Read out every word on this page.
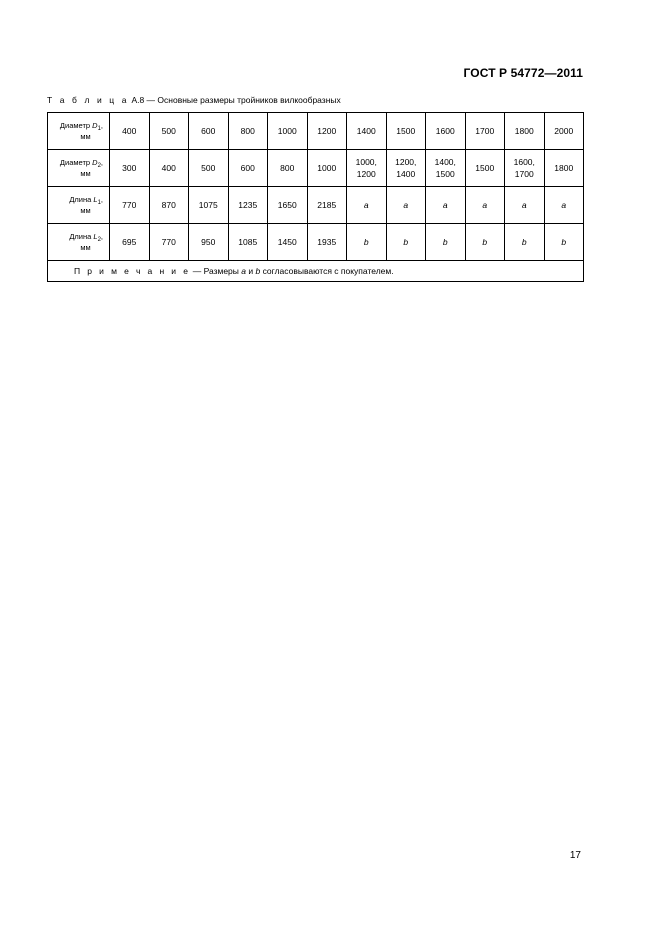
ГОСТ Р 54772—2011
Т а б л и ц а А.8 — Основные размеры тройников вилкообразных
Диаметр $D_1$,
мм	400	500	600	800	1000	1200	1400	1500	1600	1700	1800	2000
Диаметр $D_2$,
мм	300	400	500	600	800	1000	1000, 1200	1200, 1400	1400, 1500	1500	1600, 1700	1800
Длина $L_1$,
мм	770	870	1075	1235	1650	2185	a	a	a	a	a	a
Длина $L_2$,
мм	695	770	950	1085	1450	1935	b	b	b	b	b	b
П р и м е ч а н и е — Размеры a и b согласовываются с покупателем.												
17
